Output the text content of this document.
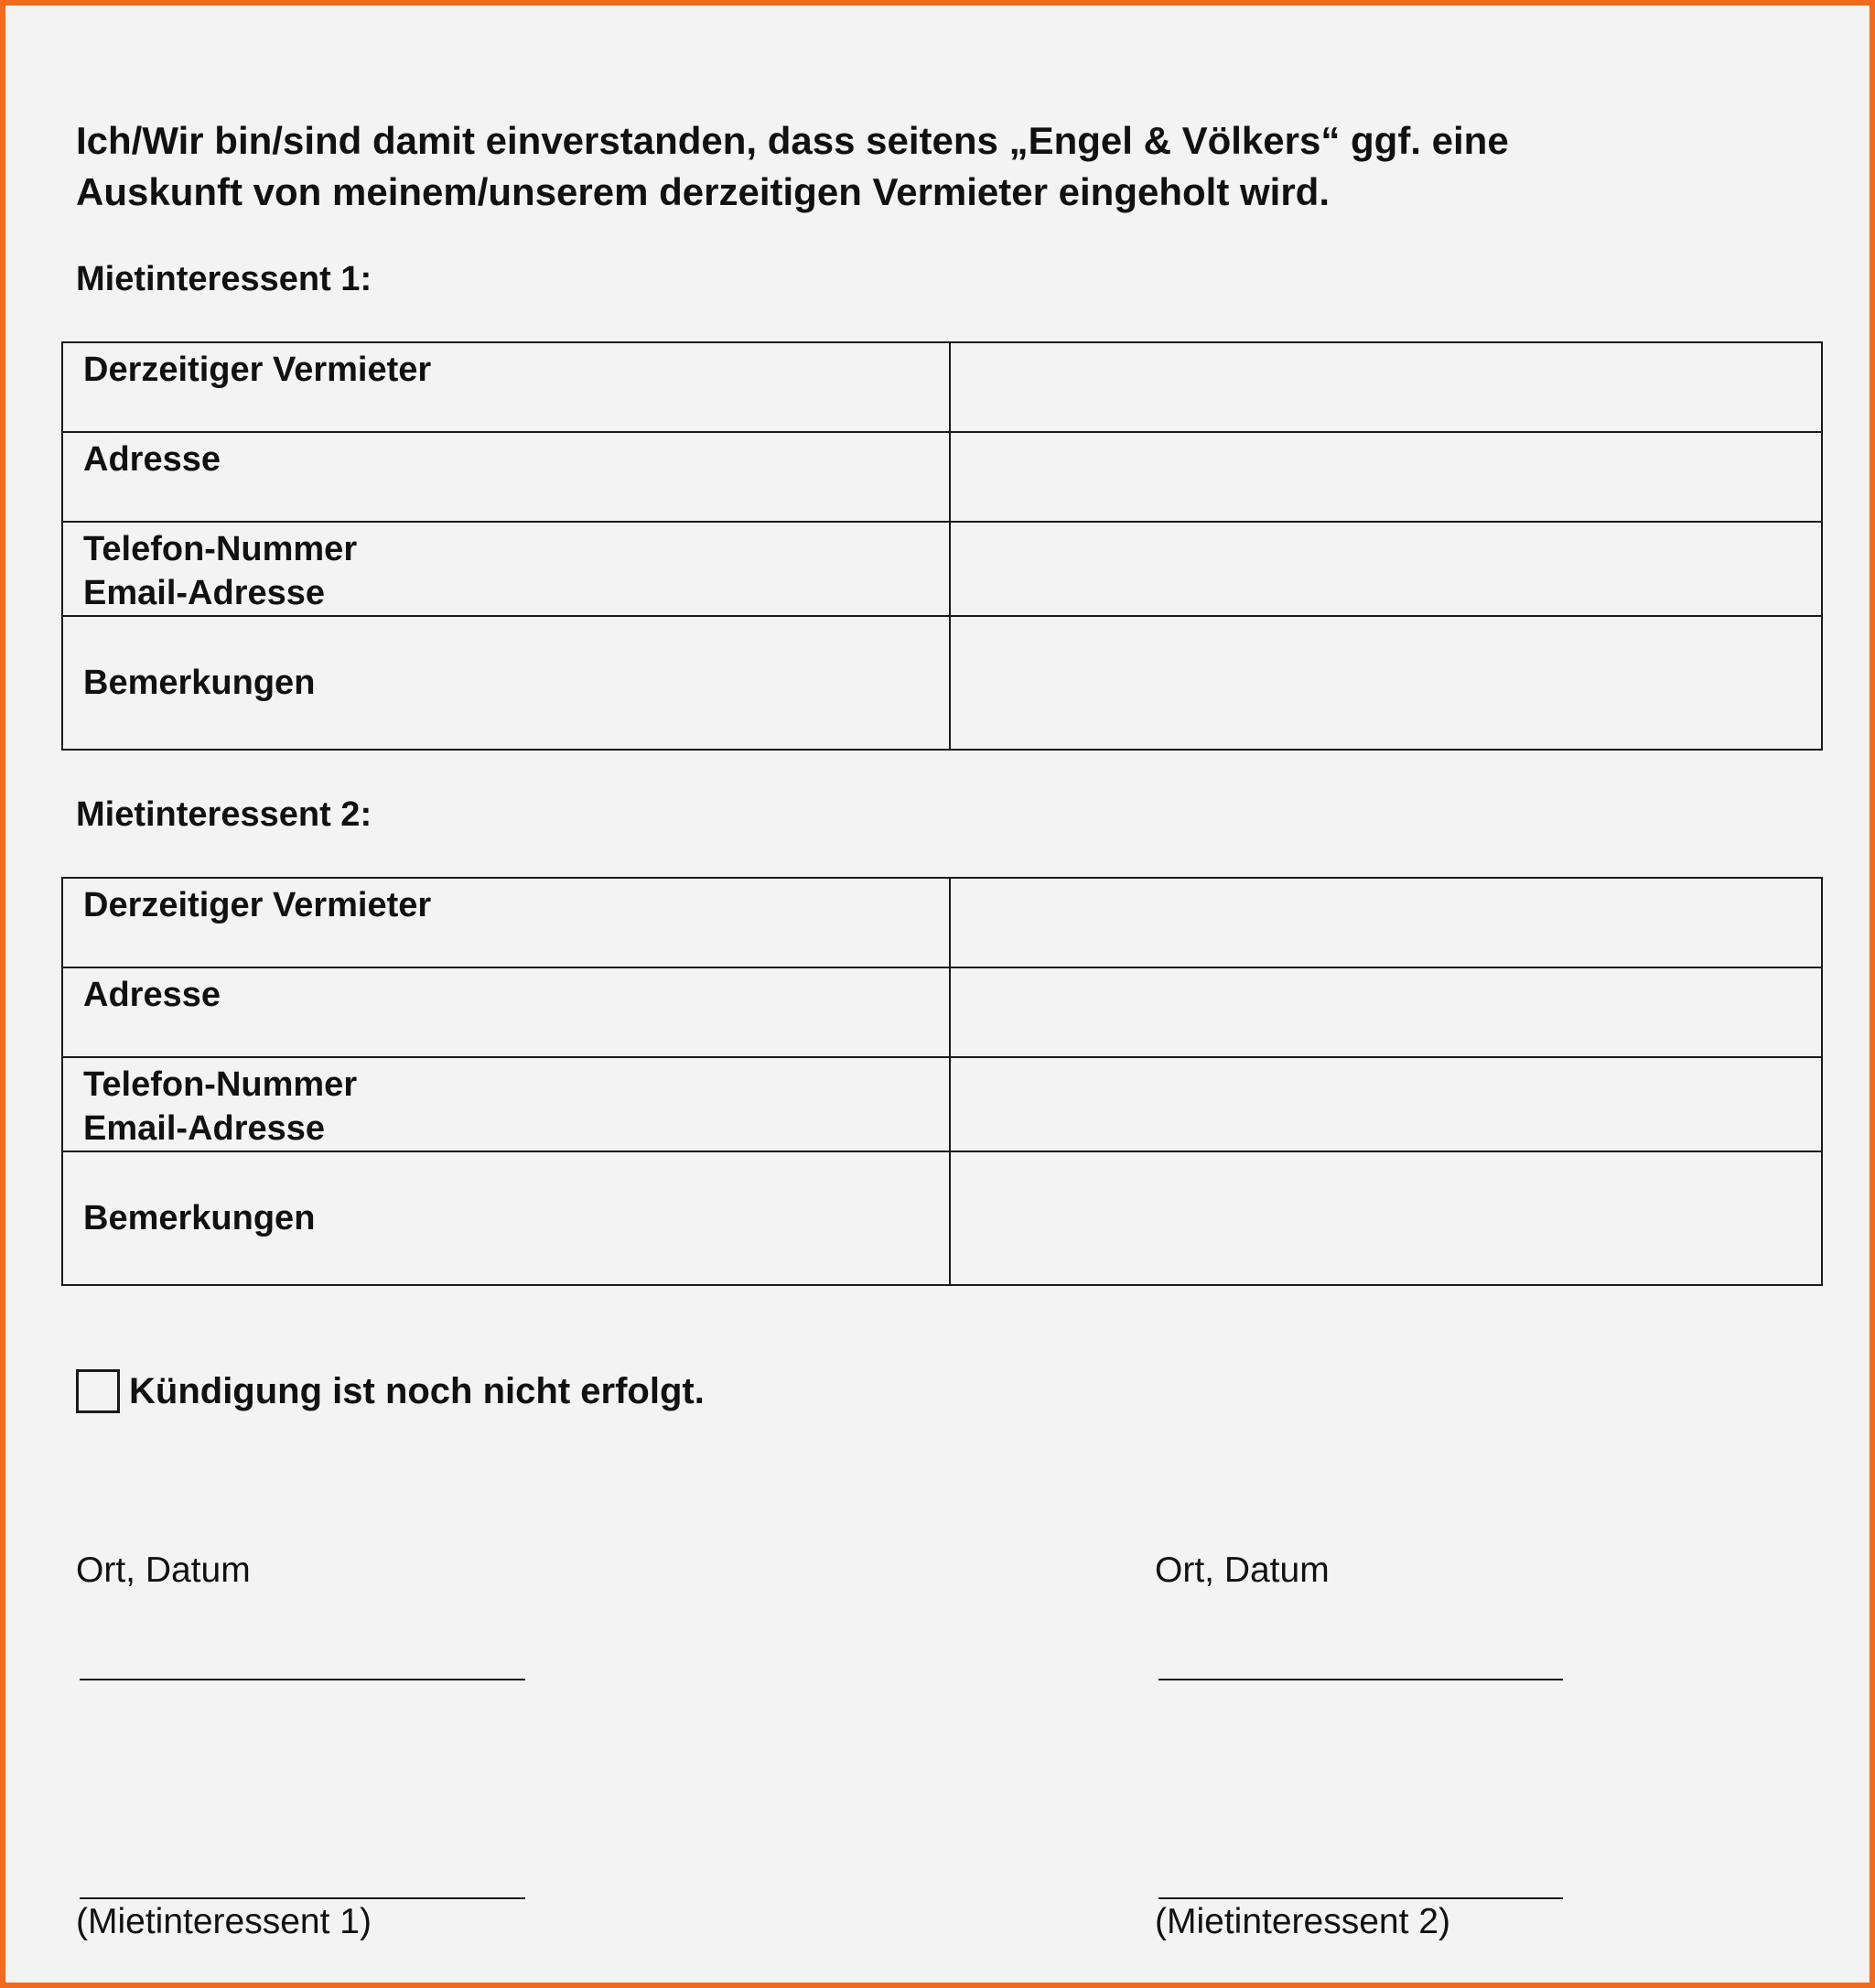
Ich/Wir bin/sind damit einverstanden, dass seitens „Engel & Völkers“ ggf. eine
Auskunft von meinem/unserem derzeitigen Vermieter eingeholt wird.
Mietinteressent 1:
Derzeitiger Vermieter	

Adresse	

Telefon-Nummer
Email-Adresse	

Bemerkungen	

Mietinteressent 2:
Derzeitiger Vermieter	

Adresse	

Telefon-Nummer
Email-Adresse	

Bemerkungen	

Kündigung ist noch nicht erfolgt.
Ort, Datum
(Mietinteressent 1)
Ort, Datum
(Mietinteressent 2)
